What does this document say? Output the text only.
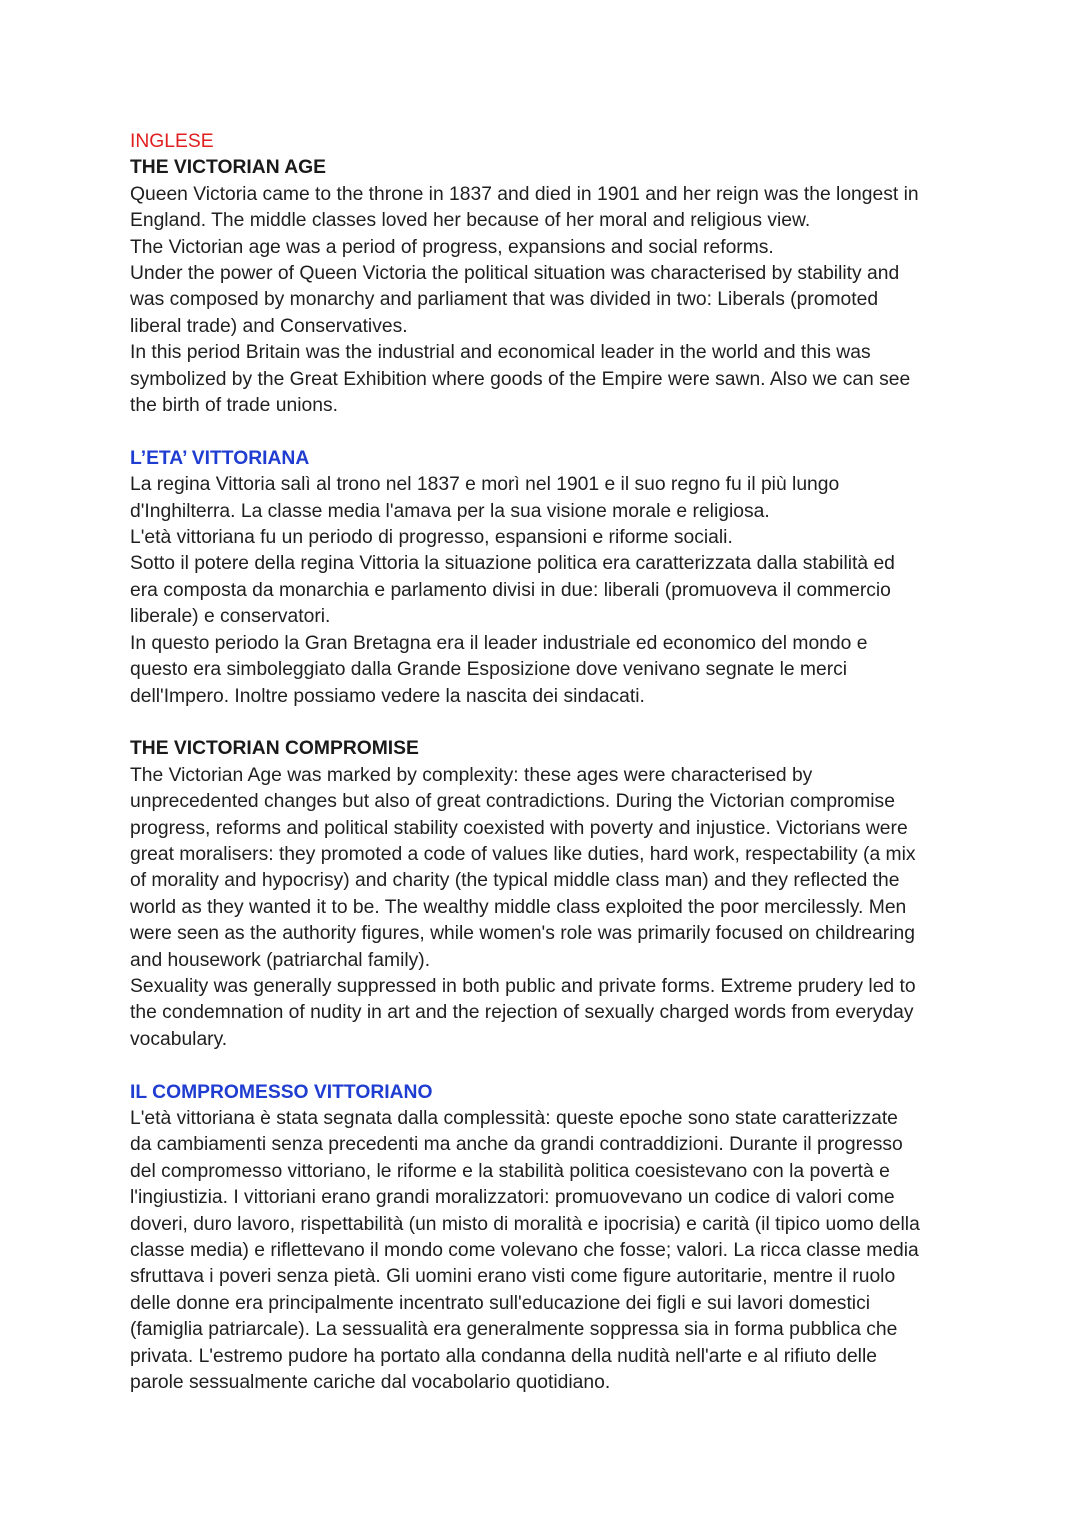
INGLESE
THE VICTORIAN AGE
Queen Victoria came to the throne in 1837 and died in 1901 and her reign was the longest in
England. The middle classes loved her because of her moral and religious view.
The Victorian age was a period of progress, expansions and social reforms.
Under the power of Queen Victoria the political situation was characterised by stability and
was composed by monarchy and parliament that was divided in two: Liberals (promoted
liberal trade) and Conservatives.
In this period Britain was the industrial and economical leader in the world and this was
symbolized by the Great Exhibition where goods of the Empire were sawn. Also we can see
the birth of trade unions.
L’ETA’ VITTORIANA
La regina Vittoria salì al trono nel 1837 e morì nel 1901 e il suo regno fu il più lungo
d'Inghilterra. La classe media l'amava per la sua visione morale e religiosa.
L'età vittoriana fu un periodo di progresso, espansioni e riforme sociali.
Sotto il potere della regina Vittoria la situazione politica era caratterizzata dalla stabilità ed
era composta da monarchia e parlamento divisi in due: liberali (promuoveva il commercio
liberale) e conservatori.
In questo periodo la Gran Bretagna era il leader industriale ed economico del mondo e
questo era simboleggiato dalla Grande Esposizione dove venivano segnate le merci
dell'Impero. Inoltre possiamo vedere la nascita dei sindacati.
THE VICTORIAN COMPROMISE
The Victorian Age was marked by complexity: these ages were characterised by
unprecedented changes but also of great contradictions. During the Victorian compromise
progress, reforms and political stability coexisted with poverty and injustice. Victorians were
great moralisers: they promoted a code of values like duties, hard work, respectability (a mix
of morality and hypocrisy) and charity (the typical middle class man) and they reflected the
world as they wanted it to be. The wealthy middle class exploited the poor mercilessly. Men
were seen as the authority figures, while women's role was primarily focused on childrearing
and housework (patriarchal family).
Sexuality was generally suppressed in both public and private forms. Extreme prudery led to
the condemnation of nudity in art and the rejection of sexually charged words from everyday
vocabulary.
IL COMPROMESSO VITTORIANO
L'età vittoriana è stata segnata dalla complessità: queste epoche sono state caratterizzate
da cambiamenti senza precedenti ma anche da grandi contraddizioni. Durante il progresso
del compromesso vittoriano, le riforme e la stabilità politica coesistevano con la povertà e
l'ingiustizia. I vittoriani erano grandi moralizzatori: promuovevano un codice di valori come
doveri, duro lavoro, rispettabilità (un misto di moralità e ipocrisia) e carità (il tipico uomo della
classe media) e riflettevano il mondo come volevano che fosse; valori. La ricca classe media
sfruttava i poveri senza pietà. Gli uomini erano visti come figure autoritarie, mentre il ruolo
delle donne era principalmente incentrato sull'educazione dei figli e sui lavori domestici
(famiglia patriarcale). La sessualità era generalmente soppressa sia in forma pubblica che
privata. L'estremo pudore ha portato alla condanna della nudità nell'arte e al rifiuto delle
parole sessualmente cariche dal vocabolario quotidiano.
